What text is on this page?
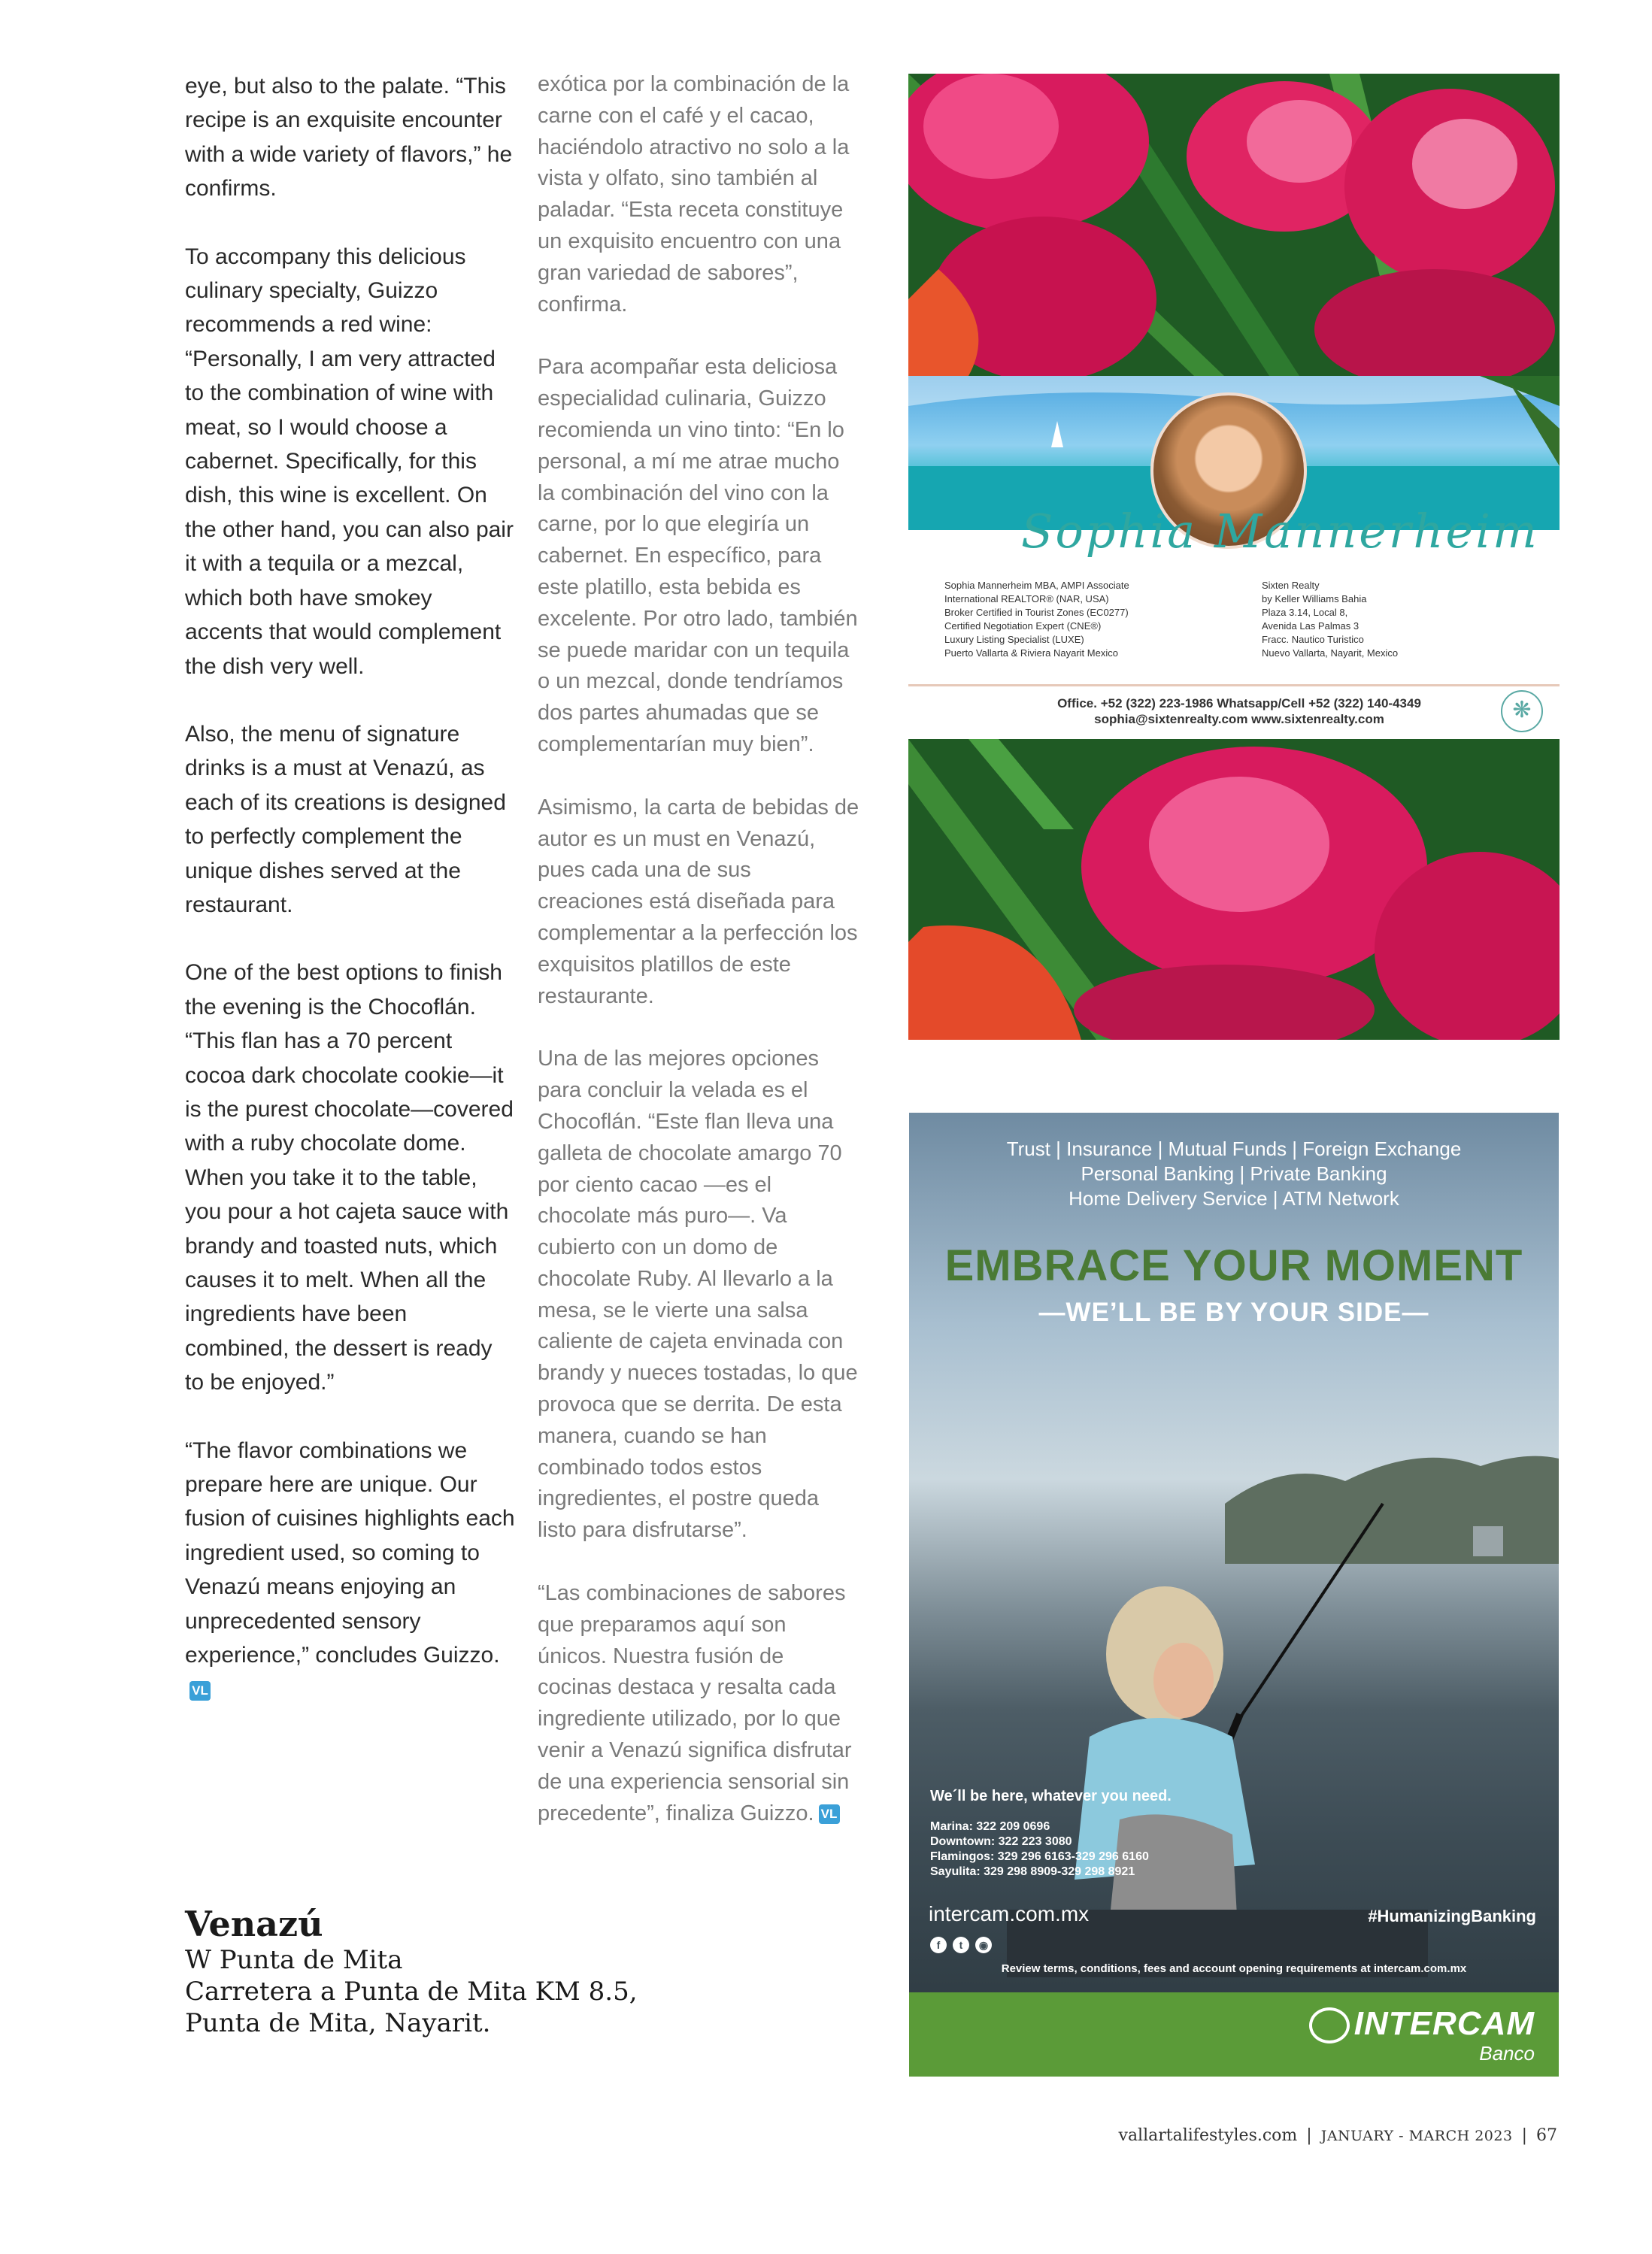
eye, but also to the palate. “This recipe is an exquisite encounter with a wide variety of flavors,” he confirms.

To accompany this delicious culinary specialty, Guizzo recommends a red wine: “Personally, I am very attracted to the combination of wine with meat, so I would choose a cabernet. Specifically, for this dish, this wine is excellent. On the other hand, you can also pair it with a tequila or a mezcal, which both have smokey accents that would complement the dish very well.

Also, the menu of signature drinks is a must at Venazú, as each of its creations is designed to perfectly complement the unique dishes served at the restaurant.

One of the best options to finish the evening is the Chocoflán. “This flan has a 70 percent cocoa dark chocolate cookie—it is the purest chocolate—covered with a ruby chocolate dome. When you take it to the table, you pour a hot cajeta sauce with brandy and toasted nuts, which causes it to melt. When all the ingredients have been combined, the dessert is ready to be enjoyed.”

“The flavor combinations we prepare here are unique. Our fusion of cuisines highlights each ingredient used, so coming to Venazú means enjoying an unprecedented sensory experience,” concludes Guizzo.VL

exótica por la combinación de la carne con el café y el cacao, haciéndolo atractivo no solo a la vista y olfato, sino también al paladar. “Esta receta constituye un exquisito encuentro con una gran variedad de sabores”, confirma.

Para acompañar esta deliciosa especialidad culinaria, Guizzo recomienda un vino tinto: “En lo personal, a mí me atrae mucho la combinación del vino con la carne, por lo que elegiría un cabernet. En específico, para este platillo, esta bebida es excelente. Por otro lado, también se puede maridar con un tequila o un mezcal, donde tendríamos dos partes ahumadas que se complementarían muy bien”.

Asimismo, la carta de bebidas de autor es un must en Venazú, pues cada una de sus creaciones está diseñada para complementar a la perfección los exquisitos platillos de este restaurante.

Una de las mejores opciones para concluir la velada es el Chocoflán. “Este flan lleva una galleta de chocolate amargo 70 por ciento cacao —es el chocolate más puro—. Va cubierto con un domo de chocolate Ruby. Al llevarlo a la mesa, se le vierte una salsa caliente de cajeta envinada con brandy y nueces tostadas, lo que provoca que se derrita. De esta manera, cuando se han combinado todos estos ingredientes, el postre queda listo para disfrutarse”.

“Las combinaciones de sabores que preparamos aquí son únicos. Nuestra fusión de cocinas destaca y resalta cada ingrediente utilizado, por lo que venir a Venazú significa disfrutar de una experiencia sensorial sin precedente”, finaliza Guizzo. VL

Venazú
W Punta de Mita
Carretera a Punta de Mita KM 8.5,
Punta de Mita, Nayarit.
Sophia Mannerheim
Sophia Mannerheim MBA, AMPI Associate
International REALTOR® (NAR, USA)
Broker Certified in Tourist Zones (EC0277)
Certified Negotiation Expert (CNE®)
Luxury Listing Specialist (LUXE)
Puerto Vallarta & Riviera Nayarit Mexico
Sixten Realty
by Keller Williams Bahia
Plaza 3.14, Local 8,
Avenida Las Palmas 3
Fracc. Nautico Turistico
Nuevo Vallarta, Nayarit, Mexico
Office. +52 (322) 223-1986 Whatsapp/Cell +52 (322) 140-4349
sophia@sixtenrealty.com www.sixtenrealty.com	❋
Trust | Insurance | Mutual Funds | Foreign Exchange
Personal Banking | Private Banking
Home Delivery Service | ATM Network
EMBRACE YOUR MOMENT
—WE’LL BE BY YOUR SIDE—
We´ll be here, whatever you need.
Marina: 322 209 0696
Downtown: 322 223 3080
Flamingos: 329 296 6163-329 296 6160
Sayulita: 329 298 8909-329 298 8921
intercam.com.mx	#HumanizingBanking
f t ◉
Review terms, conditions, fees and account opening requirements at intercam.com.mx
INTERCAM
Banco
vallartalifestyles.com | JANUARY - MARCH 2023 | 67
